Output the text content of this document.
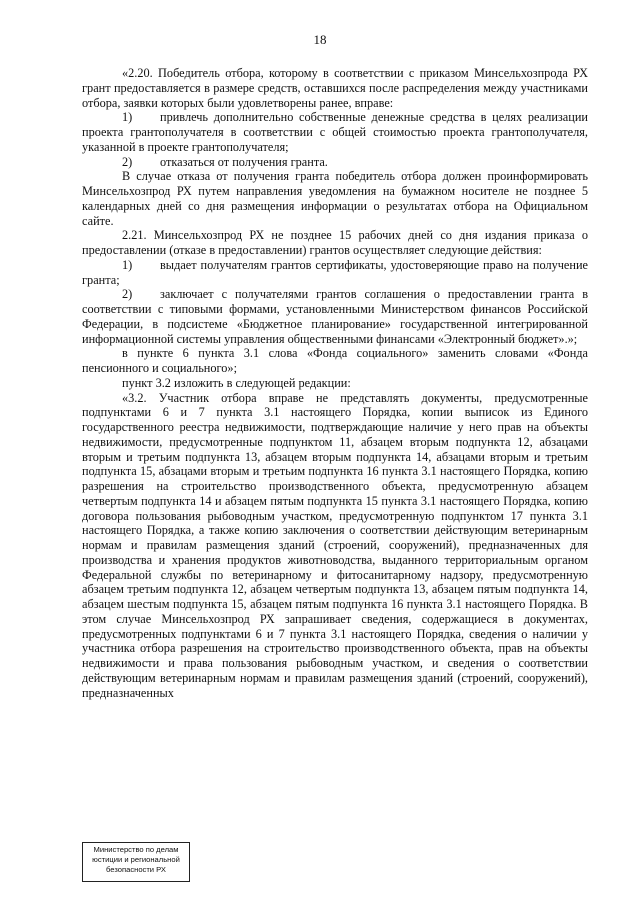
18

«2.20. Победитель отбора, которому в соответствии с приказом Минсельхозпрода РХ грант предоставляется в размере средств, оставшихся после распределения между участниками отбора, заявки которых были удовлетворены ранее, вправе:

1) привлечь дополнительно собственные денежные средства в целях реализации проекта грантополучателя в соответствии с общей стоимостью проекта грантополучателя, указанной в проекте грантополучателя;

2) отказаться от получения гранта.

В случае отказа от получения гранта победитель отбора должен проинформировать Минсельхозпрод РХ путем направления уведомления на бумажном носителе не позднее 5 календарных дней со дня размещения информации о результатах отбора на Официальном сайте.

2.21. Минсельхозпрод РХ не позднее 15 рабочих дней со дня издания приказа о предоставлении (отказе в предоставлении) грантов осуществляет следующие действия:

1) выдает получателям грантов сертификаты, удостоверяющие право на получение гранта;

2) заключает с получателями грантов соглашения о предоставлении гранта в соответствии с типовыми формами, установленными Министерством финансов Российской Федерации, в подсистеме «Бюджетное планирование» государственной интегрированной информационной системы управления общественными финансами «Электронный бюджет».»;

в пункте 6 пункта 3.1 слова «Фонда социального» заменить словами «Фонда пенсионного и социального»;

пункт 3.2 изложить в следующей редакции:

«3.2. Участник отбора вправе не представлять документы, предусмотренные подпунктами 6 и 7 пункта 3.1 настоящего Порядка, копии выписок из Единого государственного реестра недвижимости, подтверждающие наличие у него прав на объекты недвижимости, предусмотренные подпунктом 11, абзацем вторым подпункта 12, абзацами вторым и третьим подпункта 13, абзацем вторым подпункта 14, абзацами вторым и третьим подпункта 15, абзацами вторым и третьим подпункта 16 пункта 3.1 настоящего Порядка, копию разрешения на строительство производственного объекта, предусмотренную абзацем четвертым подпункта 14 и абзацем пятым подпункта 15 пункта 3.1 настоящего Порядка, копию договора пользования рыбоводным участком, предусмотренную подпунктом 17 пункта 3.1 настоящего Порядка, а также копию заключения о соответствии действующим ветеринарным нормам и правилам размещения зданий (строений, сооружений), предназначенных для производства и хранения продуктов животноводства, выданного территориальным органом Федеральной службы по ветеринарному и фитосанитарному надзору, предусмотренную абзацем третьим подпункта 12, абзацем четвертым подпункта 13, абзацем пятым подпункта 14, абзацем шестым подпункта 15, абзацем пятым подпункта 16 пункта 3.1 настоящего Порядка. В этом случае Минсельхозпрод РХ запрашивает сведения, содержащиеся в документах, предусмотренных подпунктами 6 и 7 пункта 3.1 настоящего Порядка, сведения о наличии у участника отбора разрешения на строительство производственного объекта, прав на объекты недвижимости и права пользования рыбоводным участком, и сведения о соответствии действующим ветеринарным нормам и правилам размещения зданий (строений, сооружений), предназначенных

Министерство по делам
юстиции и региональной
безопасности РХ
